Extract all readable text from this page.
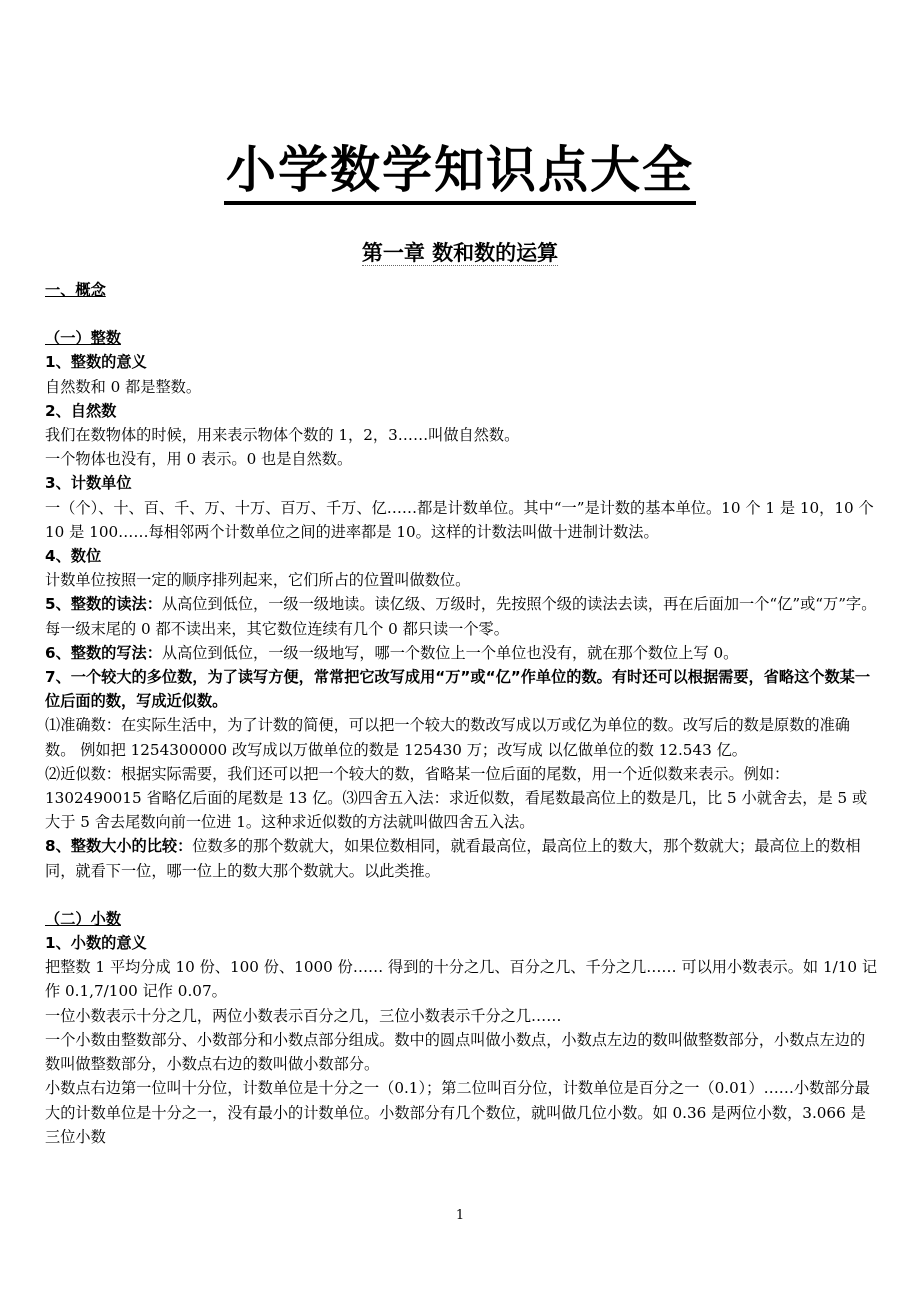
小学数学知识点大全
第一章 数和数的运算

一、概念

（一）整数

1、整数的意义

自然数和 0 都是整数。

2、自然数

我们在数物体的时候，用来表示物体个数的 1，2，3……叫做自然数。

一个物体也没有，用 0 表示。0 也是自然数。

3、计数单位

一（个）、十、百、千、万、十万、百万、千万、亿……都是计数单位。其中“一”是计数的基本单位。10 个 1 是 10，10 个 10 是 100……每相邻两个计数单位之间的进率都是 10。这样的计数法叫做十进制计数法。

4、数位

计数单位按照一定的顺序排列起来，它们所占的位置叫做数位。

5、整数的读法：从高位到低位，一级一级地读。读亿级、万级时，先按照个级的读法去读，再在后面加一个“亿”或“万”字。每一级末尾的 0 都不读出来，其它数位连续有几个 0 都只读一个零。

6、整数的写法：从高位到低位，一级一级地写，哪一个数位上一个单位也没有，就在那个数位上写 0。

7、一个较大的多位数，为了读写方便，常常把它改写成用“万”或“亿”作单位的数。有时还可以根据需要，省略这个数某一位后面的数，写成近似数。

⑴准确数：在实际生活中，为了计数的简便，可以把一个较大的数改写成以万或亿为单位的数。改写后的数是原数的准确数。 例如把 1254300000 改写成以万做单位的数是 125430 万；改写成 以亿做单位的数 12.543 亿。

⑵近似数：根据实际需要，我们还可以把一个较大的数，省略某一位后面的尾数，用一个近似数来表示。例如：1302490015 省略亿后面的尾数是 13 亿。⑶四舍五入法：求近似数，看尾数最高位上的数是几，比 5 小就舍去，是 5 或大于 5 舍去尾数向前一位进 1。这种求近似数的方法就叫做四舍五入法。

8、整数大小的比较：位数多的那个数就大，如果位数相同，就看最高位，最高位上的数大，那个数就大；最高位上的数相同，就看下一位，哪一位上的数大那个数就大。以此类推。

（二）小数

1、小数的意义

把整数 1 平均分成 10 份、100 份、1000 份…… 得到的十分之几、百分之几、千分之几…… 可以用小数表示。如 1/10 记作 0.1,7/100 记作 0.07。

一位小数表示十分之几，两位小数表示百分之几，三位小数表示千分之几……

一个小数由整数部分、小数部分和小数点部分组成。数中的圆点叫做小数点，小数点左边的数叫做整数部分，小数点左边的数叫做整数部分，小数点右边的数叫做小数部分。

小数点右边第一位叫十分位，计数单位是十分之一（0.1）；第二位叫百分位，计数单位是百分之一（0.01）……小数部分最大的计数单位是十分之一，没有最小的计数单位。小数部分有几个数位，就叫做几位小数。如 0.36 是两位小数，3.066 是三位小数

1
